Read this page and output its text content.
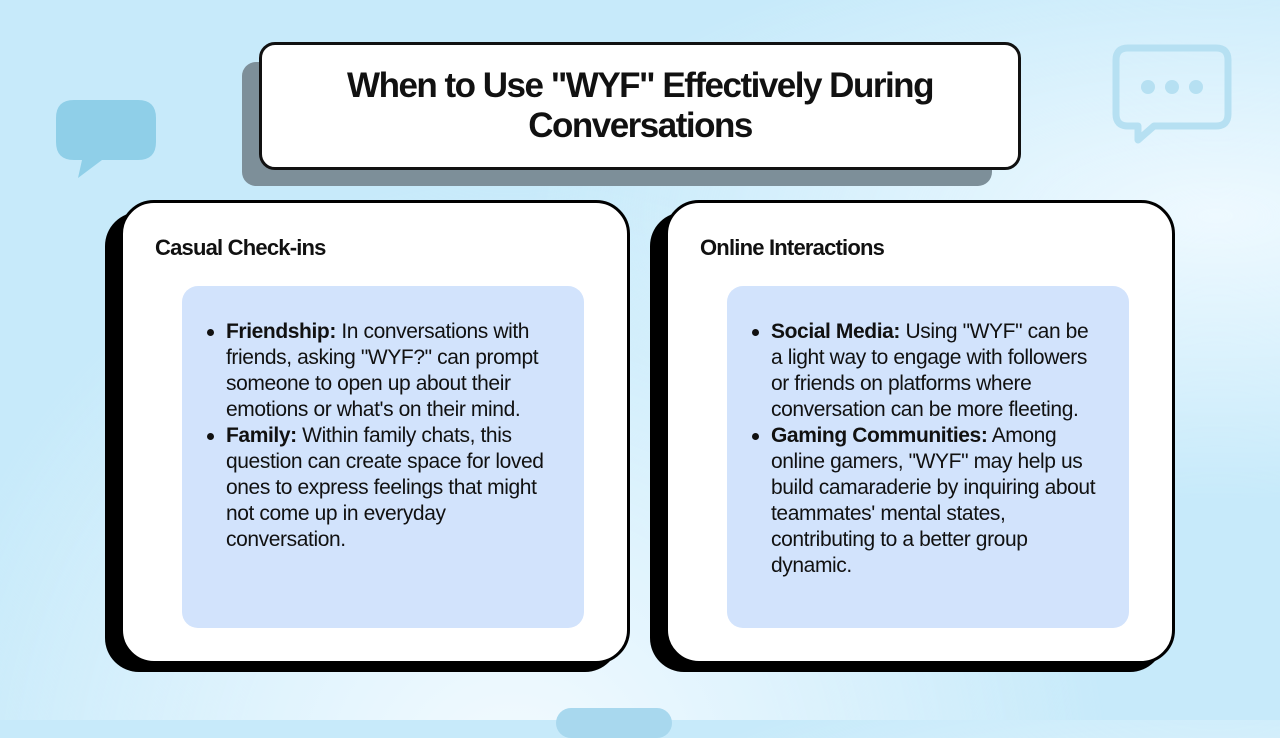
When to Use "WYF" Effectively During Conversations
Casual Check-ins
Friendship: In conversations with friends, asking "WYF?" can prompt someone to open up about their emotions or what's on their mind.
Family: Within family chats, this question can create space for loved ones to express feelings that might not come up in everyday conversation.
Online Interactions
Social Media: Using "WYF" can be a light way to engage with followers or friends on platforms where conversation can be more fleeting.
Gaming Communities: Among online gamers, "WYF" may help us build camaraderie by inquiring about teammates' mental states, contributing to a better group dynamic.
